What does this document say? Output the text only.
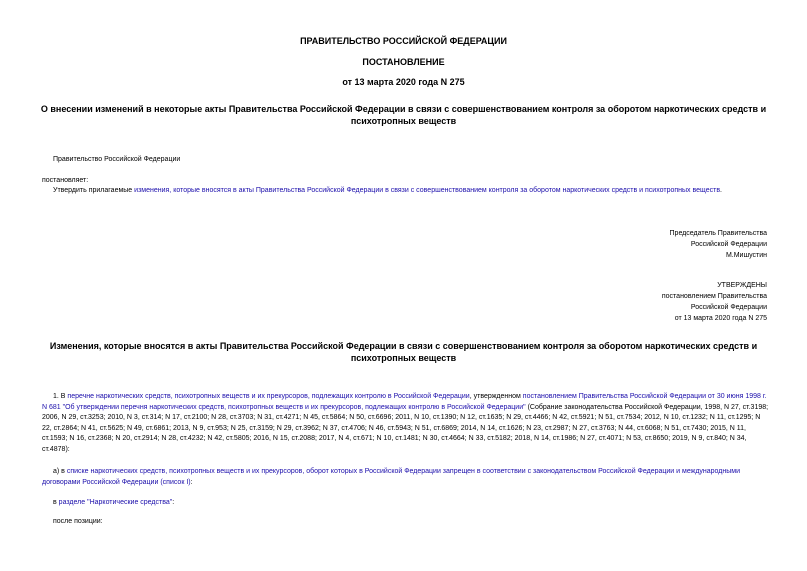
ПРАВИТЕЛЬСТВО РОССИЙСКОЙ ФЕДЕРАЦИИ
ПОСТАНОВЛЕНИЕ
от 13 марта 2020 года N 275
О внесении изменений в некоторые акты Правительства Российской Федерации в связи с совершенствованием контроля за оборотом наркотических средств и
психотропных веществ
Правительство Российской Федерации
постановляет:
Утвердить прилагаемые изменения, которые вносятся в акты Правительства Российской Федерации в связи с совершенствованием контроля за оборотом наркотических средств и психотропных веществ.
Председатель Правительства
Российской Федерации
М.Мишустин
УТВЕРЖДЕНЫ
постановлением Правительства
Российской Федерации
от 13 марта 2020 года N 275
Изменения, которые вносятся в акты Правительства Российской Федерации в связи с совершенствованием контроля за оборотом наркотических средств и
психотропных веществ
1. В перечне наркотических средств, психотропных веществ и их прекурсоров, подлежащих контролю в Российской Федерации, утвержденном постановлением Правительства Российской Федерации от 30 июня 1998 г. N 681 "Об утверждении перечня наркотических средств, психотропных веществ и их прекурсоров, подлежащих контролю в Российской Федерации" (Собрание законодательства Российской Федерации, 1998, N 27, ст.3198; 2006, N 29, ст.3253; 2010, N 3, ст.314; N 17, ст.2100; N 28, ст.3703; N 31, ст.4271; N 45, ст.5864; N 50, ст.6696; 2011, N 10, ст.1390; N 12, ст.1635; N 29, ст.4466; N 42, ст.5921; N 51, ст.7534; 2012, N 10, ст.1232; N 11, ст.1295; N 22, ст.2864; N 41, ст.5625; N 49, ст.6861; 2013, N 9, ст.953; N 25, ст.3159; N 29, ст.3962; N 37, ст.4706; N 46, ст.5943; N 51, ст.6869; 2014, N 14, ст.1626; N 23, ст.2987; N 27, ст.3763; N 44, ст.6068; N 51, ст.7430; 2015, N 11, ст.1593; N 16, ст.2368; N 20, ст.2914; N 28, ст.4232; N 42, ст.5805; 2016, N 15, ст.2088; 2017, N 4, ст.671; N 10, ст.1481; N 30, ст.4664; N 33, ст.5182; 2018, N 14, ст.1986; N 27, ст.4071; N 53, ст.8650; 2019, N 9, ст.840; N 34, ст.4878):
а) в списке наркотических средств, психотропных веществ и их прекурсоров, оборот которых в Российской Федерации запрещен в соответствии с законодательством Российской Федерации и международными договорами Российской Федерации (список I):
в разделе "Наркотические средства":
после позиции:
